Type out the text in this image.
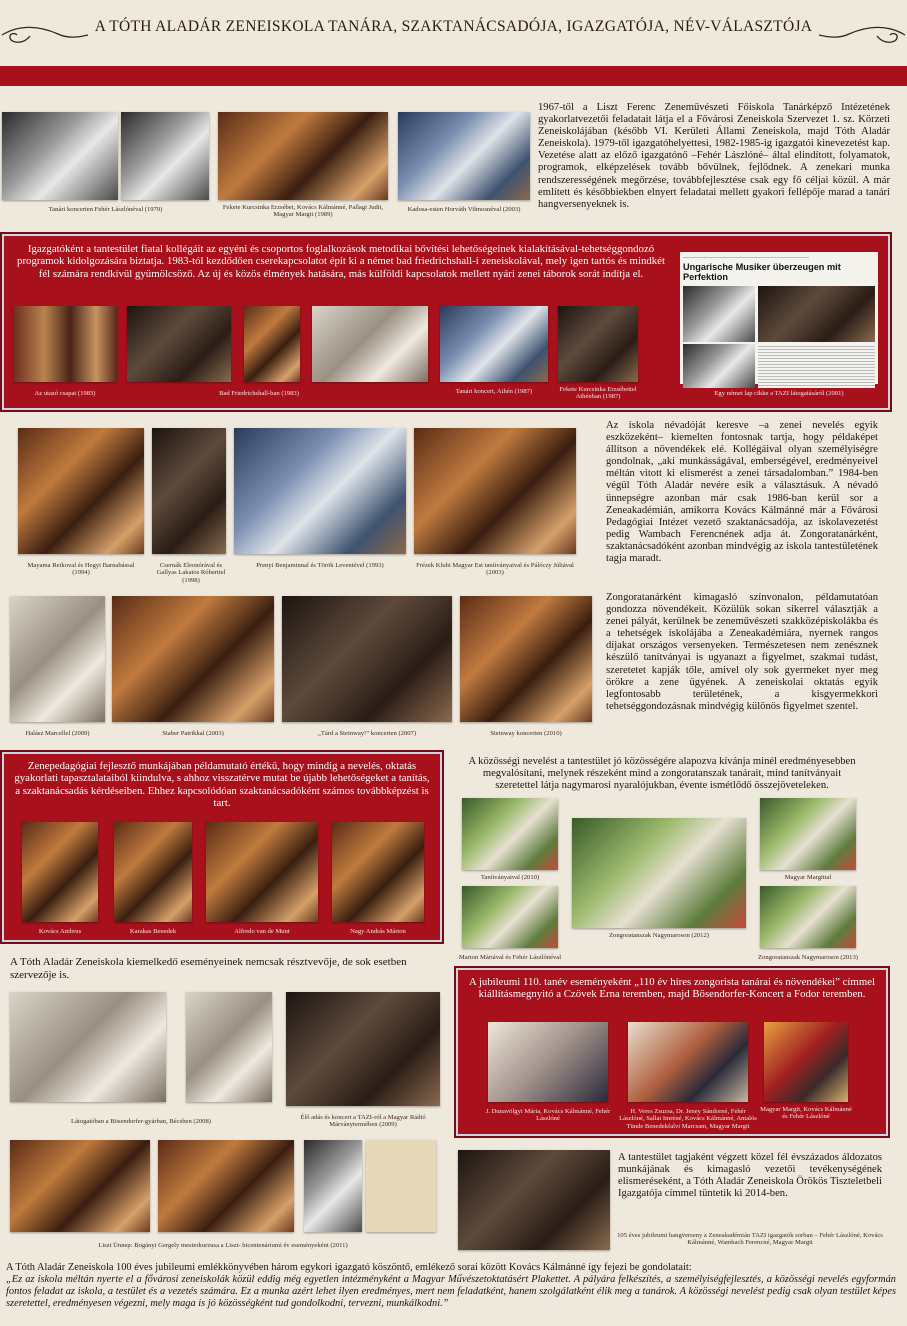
A TÓTH ALADÁR ZENEISKOLA TANÁRA, SZAKTANÁCSADÓJA, IGAZGATÓJA, NÉV-VÁLASZTÓJA
Tanári koncerten Fehér Lászlónéval (1979)	Fekete Kurcsinka Erzsébet, Kovács Kálmánné, Pallagi Judit, Magyar Margit (1989)
Kadosa-esten Horváth Vilmosnéval (2003)
1967-től a Liszt Ferenc Zeneművészeti Főiskola Tanárképző Intézetének gyakorlatvezetői feladatait látja el a Fővárosi Zeneiskola Szervezet 1. sz. Körzeti Zeneiskolájában (később VI. Kerületi Állami Zeneiskola, majd Tóth Aladár Zeneiskola). 1979-től igazgatóhelyettesi, 1982-1985-ig igazgatói kinevezetést kap. Vezetése alatt az előző igazgatónő –Fehér Lászlóné– által elindított, folyamatok, programok, elképzelések tovább bővülnek, fejlődnek. A zenekari munka rendszerességének megőrzése, továbbfejlesztése csak egy fő céljai közül. A már említett és későbbiekben elnyert feladatai mellett gyakori fellépője marad a tanári hangversenyeknek is.
Igazgatóként a tantestület fiatal kollégáit az egyéni és csoportos foglalkozások metodikai bővítési lehetőségeinek kialakításával-tehetséggondozó programok kidolgozására biztatja. 1983-tól kezdődően cserekapcsolatot épít ki a német bad friedrichshall-i zeneiskolával, mely igen tartós és mindkét fél számára rendkívül gyümölcsöző. Az új és közös élmények hatására, más külföldi kapcsolatok mellett nyári zenei táborok sorát indítja el.
Az utazó csapat (1983)	Bad Friedrichshall-ban (1983)	Tanári koncert, Athén (1987)	Fekete Kurcsinka Erzsébettel Athénban (1987)
————————————————————————————
Ungarische Musiker überzeugen mit Perfektion
Egy német lap cikke a TAZI látogatásáról (2001)
Mayama Reikoval és Hegyi Barnabással (1994)
Csernák Eleonórával és Gallyas Lakatos Róberttel (1998)
Prenyi Benjaminnal és Török Leventével (1993)	Frézek Klubi Magyar Est tanítványaival és Pálóczy Júliával (2003)
Halász Marcellel (2009)	Staber Patrikkal (2003)	„Tárd a Steinway!” koncerten (2007)	Steinway koncerten (2010)
Az iskola névadóját keresve –a zenei nevelés egyik eszközeként– kiemelten fontosnak tartja, hogy példaképet állítson a növendékek elé. Kollégáival olyan személyiségre gondolnak, „aki munkásságával, emberségével, eredményeivel méltán vitott ki elismerést a zenei társadalomban.” 1984-ben végül Tóth Aladár nevére esik a választásuk. A névadó ünnepségre azonban már csak 1986-ban kerül sor a Zeneakadémián, amikorra Kovács Kálmánné már a Fővárosi Pedagógiai Intézet vezető szaktanácsadója, az iskolavezetést pedig Wambach Ferencnének adja át. Zongoratanárként, szaktanácsadóként azonban mindvégig az iskola tantestületének tagja maradt.
Zongoratanárként kimagasló színvonalon, példamutatóan gondozza növendékeit. Közülük sokan sikerrel választják a zenei pályát, kerülnek be zeneművészeti szakközépiskolákba és a tehetségek iskolájába a Zeneakadémiára, nyernek rangos díjakat országos versenyeken. Természetesen nem zenésznek készülő tanítványai is ugyanazt a figyelmet, szakmai tudást, szeretetet kapják tőle, amivel oly sok gyermeket nyer meg örökre a zene ügyének. A zeneiskolai oktatás egyik legfontosabb területének, a kisgyermekkori tehetséggondozásnak mindvégig különös figyelmet szentel.
Zenepedagógiai fejlesztő munkájában példamutató értékű, hogy mindig a nevelés, oktatás gyakorlati tapasztalataiból kiindulva, s ahhoz visszatérve mutat be újabb lehetőségeket a tanítás, a szaktanácsadás kérdéseiben. Ehhez kapcsolódóan szaktanácsadóként számos továbbképzést is tart.
Kovács Ambrus	Karakas Benedek	Alfredo van de Munt	Nagy András Márton
A közösségi nevelést a tantestület jó közösségére alapozva kívánja minél eredményesebben megvalósítani, melynek részeként mind a zongoratanszak tanárait, mind tanítványait szeretettel látja nagymarosi nyaralójukban, évente ismétlődő összejöveteleken.
Tanítványaival (2010)
Zongoratanszak Nagymaroson (2012)
Magyar Margittal
Marton Máriával és Fehér Lászlónéval	Zongoratanszak Nagymaroson (2013)
A Tóth Aladár Zeneiskola kiemelkedő eseményeinek nemcsak résztvevője, de sok esetben szervezője is.
Látogatóban a Bösendorfer-gyárban, Bécsben (2008)
Élő adás és koncert a TAZI-ról a Magyar Rádió Márványtermében (2009)
Liszt Ünnep: Bogányi Gergely mesterkurzusa a Liszt- bicentenáriumi év eseményeként (2011)
A jubileumi 110. tanév eseményeként „110 év híres zongorista tanárai és növendékei” címmel kiállításmegnyitó a Czövek Erna teremben, majd Bösendorfer-Koncert a Fodor teremben.
J. Dunavölgyi Mária, Kovács Kálmánné, Fehér Lászlóné
H. Veres Zsuzsa, Dr. Jeney Sándorné, Fehér Lászlóné, Sallai Imréné, Kovács Kálmánné, Antalós Tünde Benedekfalvi Marcsam, Magyar Margit
Magyar Margit, Kovács Kálmánné és Fehér Lászlóné
A tantestület tagjaként végzett közel fél évszázados áldozatos munkájának és kimagasló vezetői tevékenységének elismeréseként, a Tóth Aladár Zeneiskola Örökös Tiszteletbeli Igazgatója címmel tüntetik ki 2014-ben.
105 éves jubileumi hangverseny a Zeneakadémián TAZI igazgatók sorban – Fehér Lászlóné, Kovács Kálmánné, Wambach Ferencné, Magyar Margit
A Tóth Aladár Zeneiskola 100 éves jubileumi emlékkönyvében három egykori igazgató köszöntő, emlékező sorai között Kovács Kálmánné így fejezi be gondolatait:
„Ez az iskola méltán nyerte el a fővárosi zeneiskolák közül eddig még egyetlen intézményként a Magyar Művészetoktatásért Plakettet. A pályára felkészítés, a személyiségfejlesztés, a közösségi nevelés egyformán fontos feladat az iskola, a testület és a vezetés számára. Ez a munka azért lehet ilyen eredményes, mert nem feladatként, hanem szolgálatként élik meg a tanárok. A közösségi nevelést pedig csak olyan testület képes szeretettel, eredményesen végezni, mely maga is jó közösségként tud gondolkodni, tervezni, munkálkodni.”
